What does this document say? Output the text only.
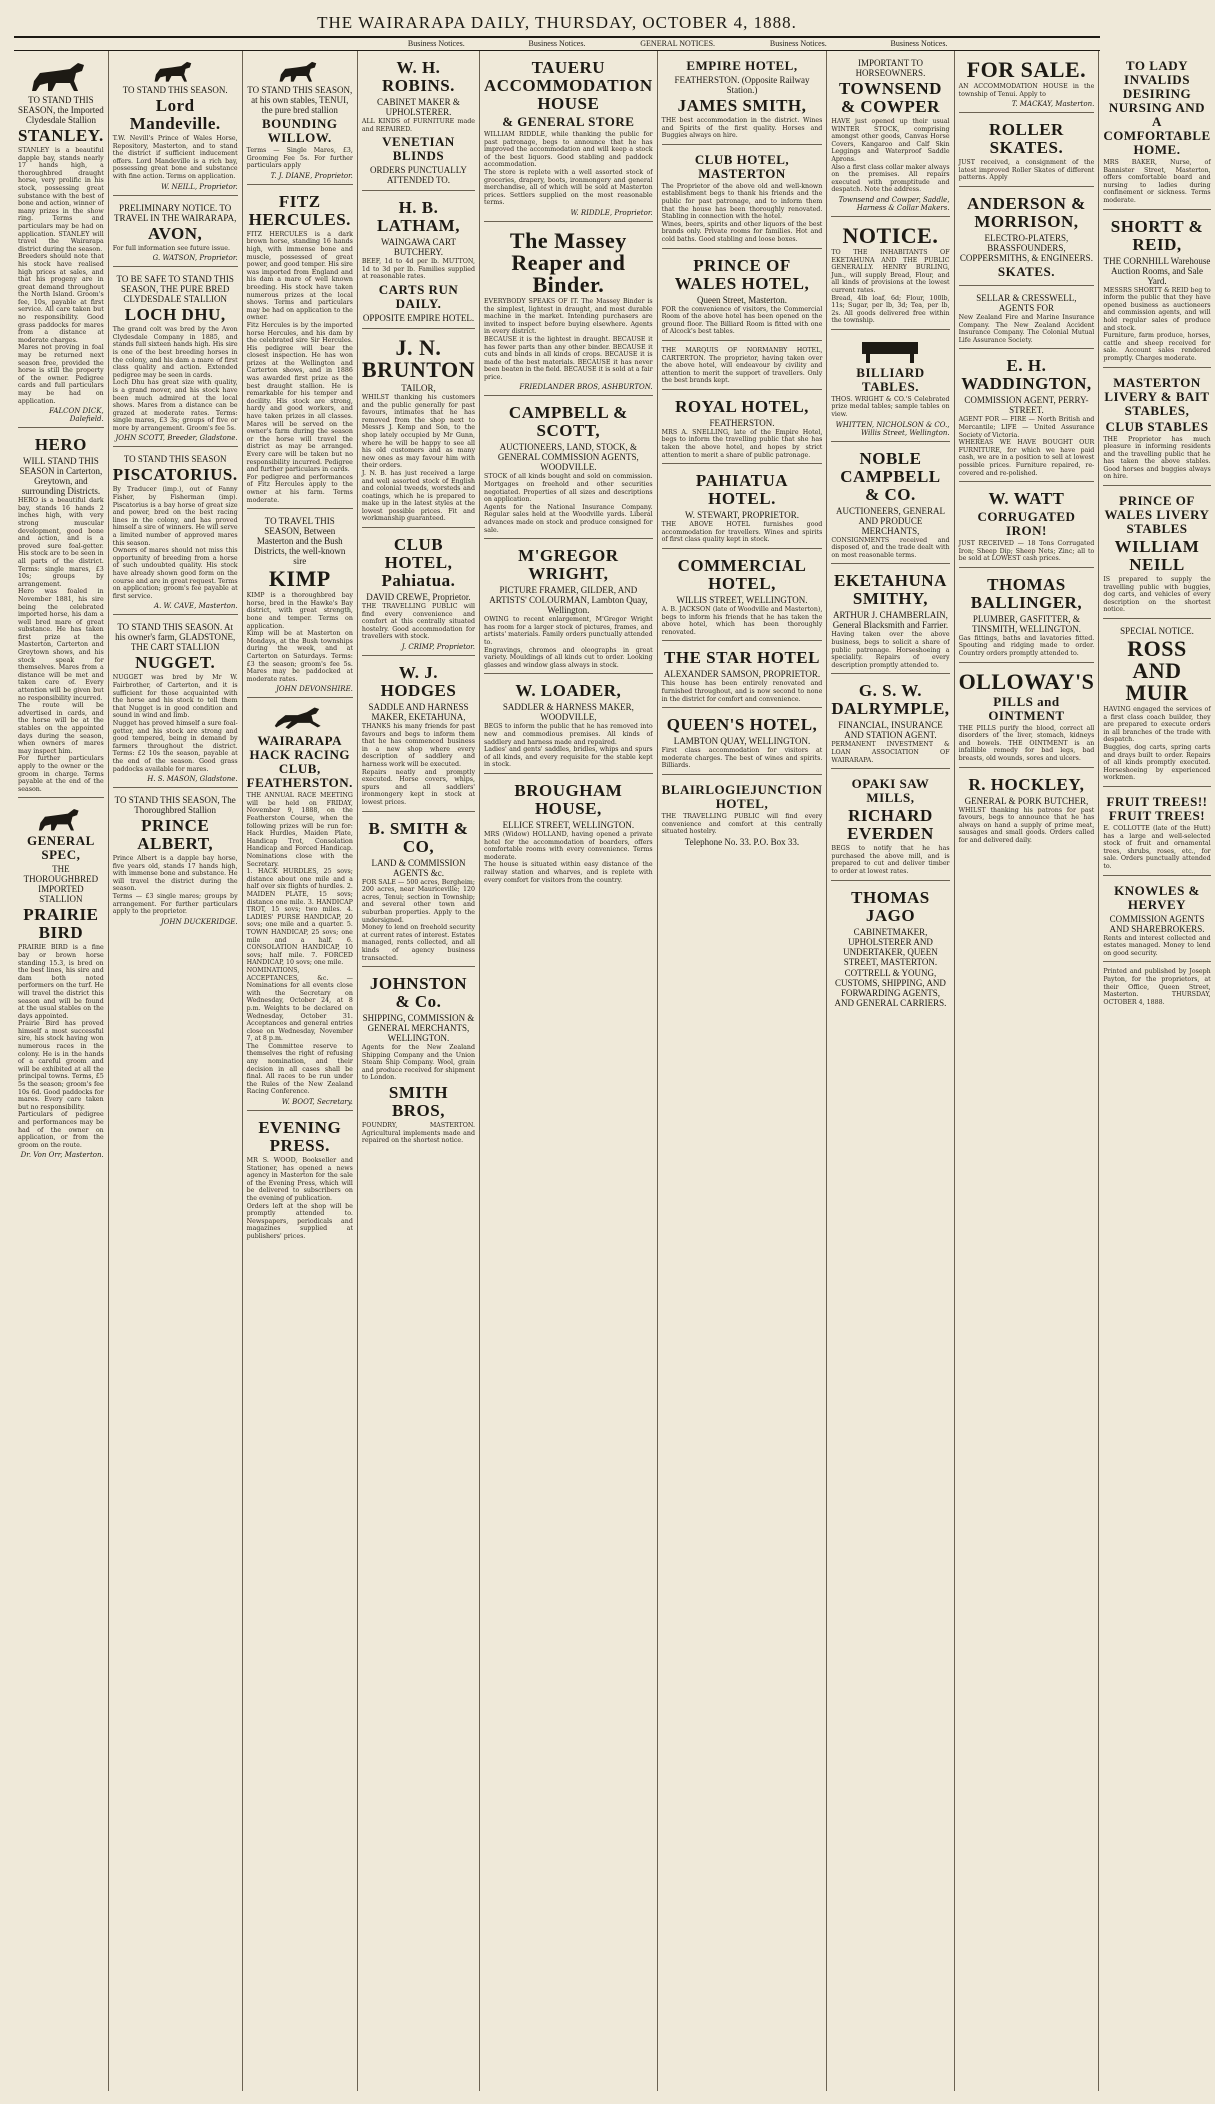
THE WAIRARAPA DAILY, THURSDAY, OCTOBER 4, 1888.
Business Notices.	Business Notices.	GENERAL NOTICES.	Business Notices.	Business Notices.
TO STAND THIS SEASON, the Imported Clydesdale Stallion
STANLEY.

STANLEY is a beautiful dapple bay, stands nearly 17 hands high, a thoroughbred draught horse, very prolific in his stock, possessing great substance with the best of bone and action, winner of many prizes in the show ring. Terms and particulars may be had on application. STANLEY will travel the Wairarapa district during the season.

Breeders should note that his stock have realised high prices at sales, and that his progeny are in great demand throughout the North Island. Groom's fee, 10s, payable at first service. All care taken but no responsibility. Good grass paddocks for mares from a distance at moderate charges.

Mares not proving in foal may be returned next season free, provided the horse is still the property of the owner. Pedigree cards and full particulars may be had on application.

FALCON DICK, Dalefield.
HERO
WILL STAND THIS SEASON in Carterton, Greytown, and surrounding Districts.

HERO is a beautiful dark bay, stands 16 hands 2 inches high, with very strong muscular development, good bone and action, and is a proved sure foal-getter. His stock are to be seen in all parts of the district. Terms: single mares, £3 10s; groups by arrangement.

Hero was foaled in November 1881, his sire being the celebrated imported horse, his dam a well bred mare of great substance. He has taken first prize at the Masterton, Carterton and Greytown shows, and his stock speak for themselves. Mares from a distance will be met and taken care of. Every attention will be given but no responsibility incurred.

The route will be advertised in cards, and the horse will be at the stables on the appointed days during the season, when owners of mares may inspect him.

For further particulars apply to the owner or the groom in charge. Terms payable at the end of the season.

GENERAL SPEC,
THE THOROUGHBRED IMPORTED STALLION
PRAIRIE BIRD

PRAIRIE BIRD is a fine bay or brown horse standing 15.3, is bred on the best lines, his sire and dam both noted performers on the turf. He will travel the district this season and will be found at the usual stables on the days appointed.

Prairie Bird has proved himself a most successful sire, his stock having won numerous races in the colony. He is in the hands of a careful groom and will be exhibited at all the principal towns. Terms, £5 5s the season; groom's fee 10s 6d. Good paddocks for mares. Every care taken but no responsibility.

Particulars of pedigree and performances may be had of the owner on application, or from the groom on the route.

Dr. Von Orr, Masterton.
TO STAND THIS SEASON.
Lord Mandeville.

T.W. Nevill's Prince of Wales Horse, Repository, Masterton, and to stand the district if sufficient inducement offers. Lord Mandeville is a rich bay, possessing great bone and substance with fine action. Terms on application.

W. NEILL, Proprietor.
PRELIMINARY NOTICE. TO TRAVEL IN THE WAIRARAPA,
AVON,

For full information see future issue.

G. WATSON, Proprietor.
TO BE SAFE TO STAND THIS SEASON, THE PURE BRED CLYDESDALE STALLION
LOCH DHU,

The grand colt was bred by the Avon Clydesdale Company in 1885, and stands full sixteen hands high. His sire is one of the best breeding horses in the colony, and his dam a mare of first class quality and action. Extended pedigree may be seen in cards.

Loch Dhu has great size with quality, is a grand mover, and his stock have been much admired at the local shows. Mares from a distance can be grazed at moderate rates. Terms: single mares, £3 3s; groups of five or more by arrangement. Groom's fee 5s.

JOHN SCOTT, Breeder, Gladstone.
TO STAND THIS SEASON
PISCATORIUS.

By Traducer (imp.), out of Fanny Fisher, by Fisherman (imp). Piscatorius is a bay horse of great size and power, bred on the best racing lines in the colony, and has proved himself a sire of winners. He will serve a limited number of approved mares this season.

Owners of mares should not miss this opportunity of breeding from a horse of such undoubted quality. His stock have already shown good form on the course and are in great request. Terms on application; groom's fee payable at first service.

A. W. CAVE, Masterton.
TO STAND THIS SEASON. At his owner's farm, GLADSTONE, THE CART STALLION
NUGGET.

NUGGET was bred by Mr W. Fairbrother, of Carterton, and it is sufficient for those acquainted with the horse and his stock to tell them that Nugget is in good condition and sound in wind and limb.

Nugget has proved himself a sure foal-getter, and his stock are strong and good tempered, being in demand by farmers throughout the district. Terms: £2 10s the season, payable at the end of the season. Good grass paddocks available for mares.

H. S. MASON, Gladstone.
TO STAND THIS SEASON, The Thoroughbred Stallion
PRINCE ALBERT,

Prince Albert is a dapple bay horse, five years old, stands 17 hands high, with immense bone and substance. He will travel the district during the season.

Terms — £3 single mares; groups by arrangement. For further particulars apply to the proprietor.

JOHN DUCKERIDGE.
TO STAND THIS SEASON, at his own stables, TENUI, the pure bred stallion
BOUNDING WILLOW.

Terms — Single Mares, £3, Grooming Fee 5s. For further particulars apply

T. J. DIANE, Proprietor.
FITZ HERCULES.

FITZ HERCULES is a dark brown horse, standing 16 hands high, with immense bone and muscle, possessed of great power, and good temper. His sire was imported from England and his dam a mare of well known breeding. His stock have taken numerous prizes at the local shows. Terms and particulars may be had on application to the owner.

Fitz Hercules is by the imported horse Hercules, and his dam by the celebrated sire Sir Hercules. His pedigree will bear the closest inspection. He has won prizes at the Wellington and Carterton shows, and in 1886 was awarded first prize as the best draught stallion. He is remarkable for his temper and docility. His stock are strong, hardy and good workers, and have taken prizes in all classes. Mares will be served on the owner's farm during the season or the horse will travel the district as may be arranged. Every care will be taken but no responsibility incurred. Pedigree and further particulars in cards.

For pedigree and performances of Fitz Hercules apply to the owner at his farm. Terms moderate.

TO TRAVEL THIS SEASON, Between Masterton and the Bush Districts, the well-known sire
KIMP

KIMP is a thoroughbred bay horse, bred in the Hawke's Bay district, with great strength, bone and temper. Terms on application.

Kimp will be at Masterton on Mondays, at the Bush townships during the week, and at Carterton on Saturdays. Terms: £3 the season; groom's fee 5s. Mares may be paddocked at moderate rates.

JOHN DEVONSHIRE.
WAIRARAPA HACK RACING CLUB, FEATHERSTON.

THE ANNUAL RACE MEETING will be held on FRIDAY, November 9, 1888, on the Featherston Course, when the following prizes will be run for: Hack Hurdles, Maiden Plate, Handicap Trot, Consolation Handicap and Forced Handicap. Nominations close with the Secretary.

1. HACK HURDLES, 25 sovs; distance about one mile and a half over six flights of hurdles. 2. MAIDEN PLATE, 15 sovs; distance one mile. 3. HANDICAP TROT, 15 sovs; two miles. 4. LADIES' PURSE HANDICAP, 20 sovs; one mile and a quarter. 5. TOWN HANDICAP, 25 sovs; one mile and a half. 6. CONSOLATION HANDICAP, 10 sovs; half mile. 7. FORCED HANDICAP, 10 sovs; one mile.

NOMINATIONS, ACCEPTANCES, &c. — Nominations for all events close with the Secretary on Wednesday, October 24, at 8 p.m. Weights to be declared on Wednesday, October 31. Acceptances and general entries close on Wednesday, November 7, at 8 p.m.

The Committee reserve to themselves the right of refusing any nomination, and their decision in all cases shall be final. All races to be run under the Rules of the New Zealand Racing Conference.

W. BOOT, Secretary.
EVENING PRESS.

MR S. WOOD, Bookseller and Stationer, has opened a news agency in Masterton for the sale of the Evening Press, which will be delivered to subscribers on the evening of publication.

Orders left at the shop will be promptly attended to. Newspapers, periodicals and magazines supplied at publishers' prices.

W. H. ROBINS.
CABINET MAKER & UPHOLSTERER.

ALL KINDS of FURNITURE made and REPAIRED.

VENETIAN BLINDS
ORDERS PUNCTUALLY ATTENDED TO.
H. B. LATHAM,
WAINGAWA CART BUTCHERY.

BEEF, 1d to 4d per lb. MUTTON, 1d to 3d per lb. Families supplied at reasonable rates.

CARTS RUN DAILY.
OPPOSITE EMPIRE HOTEL.
J. N. BRUNTON
TAILOR,

WHILST thanking his customers and the public generally for past favours, intimates that he has removed from the shop next to Messrs J. Kemp and Son, to the shop lately occupied by Mr Gunn, where he will be happy to see all his old customers and as many new ones as may favour him with their orders.

J. N. B. has just received a large and well assorted stock of English and colonial tweeds, worsteds and coatings, which he is prepared to make up in the latest styles at the lowest possible prices. Fit and workmanship guaranteed.

CLUB HOTEL, Pahiatua.
DAVID CREWE, Proprietor.

THE TRAVELLING PUBLIC will find every convenience and comfort at this centrally situated hostelry. Good accommodation for travellers with stock.

J. CRIMP, Proprietor.
W. J. HODGES
SADDLE AND HARNESS MAKER, EKETAHUNA,

THANKS his many friends for past favours and begs to inform them that he has commenced business in a new shop where every description of saddlery and harness work will be executed.

Repairs neatly and promptly executed. Horse covers, whips, spurs and all saddlers' ironmongery kept in stock at lowest prices.

B. SMITH & CO,
LAND & COMMISSION AGENTS &c.

FOR SALE — 500 acres, Bergheim; 200 acres, near Mauriceville; 120 acres, Tenui; section in Township; and several other town and suburban properties. Apply to the undersigned.

Money to lend on freehold security at current rates of interest. Estates managed, rents collected, and all kinds of agency business transacted.

JOHNSTON & Co.
SHIPPING, COMMISSION & GENERAL MERCHANTS, WELLINGTON.

Agents for the New Zealand Shipping Company and the Union Steam Ship Company. Wool, grain and produce received for shipment to London.

SMITH BROS,

FOUNDRY, MASTERTON. Agricultural implements made and repaired on the shortest notice.

TAUERU ACCOMMODATION HOUSE
& GENERAL STORE

WILLIAM RIDDLE, while thanking the public for past patronage, begs to announce that he has improved the accommodation and will keep a stock of the best liquors. Good stabling and paddock accommodation.

The store is replete with a well assorted stock of groceries, drapery, boots, ironmongery and general merchandise, all of which will be sold at Masterton prices. Settlers supplied on the most reasonable terms.

W. RIDDLE, Proprietor.
The Massey Reaper and Binder.

EVERYBODY SPEAKS OF IT. The Massey Binder is the simplest, lightest in draught, and most durable machine in the market. Intending purchasers are invited to inspect before buying elsewhere. Agents in every district.

BECAUSE it is the lightest in draught. BECAUSE it has fewer parts than any other binder. BECAUSE it cuts and binds in all kinds of crops. BECAUSE it is made of the best materials. BECAUSE it has never been beaten in the field. BECAUSE it is sold at a fair price.

FRIEDLANDER BROS, ASHBURTON.
CAMPBELL & SCOTT,
AUCTIONEERS, LAND, STOCK, & GENERAL COMMISSION AGENTS, WOODVILLE.

STOCK of all kinds bought and sold on commission. Mortgages on freehold and other securities negotiated. Properties of all sizes and descriptions on application.

Agents for the National Insurance Company. Regular sales held at the Woodville yards. Liberal advances made on stock and produce consigned for sale.

M'GREGOR WRIGHT,
PICTURE FRAMER, GILDER, AND ARTISTS' COLOURMAN, Lambton Quay, Wellington.

OWING to recent enlargement, M'Gregor Wright has room for a larger stock of pictures, frames, and artists' materials. Family orders punctually attended to.

Engravings, chromos and oleographs in great variety. Mouldings of all kinds cut to order. Looking glasses and window glass always in stock.

W. LOADER,
SADDLER & HARNESS MAKER, WOODVILLE,

BEGS to inform the public that he has removed into new and commodious premises. All kinds of saddlery and harness made and repaired.

Ladies' and gents' saddles, bridles, whips and spurs of all kinds, and every requisite for the stable kept in stock.

BROUGHAM HOUSE,
ELLICE STREET, WELLINGTON.

MRS (Widow) HOLLAND, having opened a private hotel for the accommodation of boarders, offers comfortable rooms with every convenience. Terms moderate.

The house is situated within easy distance of the railway station and wharves, and is replete with every comfort for visitors from the country.

EMPIRE HOTEL,
FEATHERSTON. (Opposite Railway Station.)
JAMES SMITH,

THE best accommodation in the district. Wines and Spirits of the first quality. Horses and Buggies always on hire.

CLUB HOTEL, MASTERTON

The Proprietor of the above old and well-known establishment begs to thank his friends and the public for past patronage, and to inform them that the house has been thoroughly renovated. Stabling in connection with the hotel.

Wines, beers, spirits and other liquors of the best brands only. Private rooms for families. Hot and cold baths. Good stabling and loose boxes.

PRINCE OF WALES HOTEL,
Queen Street, Masterton.

FOR the convenience of visitors, the Commercial Room of the above hotel has been opened on the ground floor. The Billiard Room is fitted with one of Alcock's best tables.

THE MARQUIS OF NORMANBY HOTEL, CARTERTON. The proprietor, having taken over the above hotel, will endeavour by civility and attention to merit the support of travellers. Only the best brands kept.

ROYAL HOTEL,
FEATHERSTON.

MRS A. SNELLING, late of the Empire Hotel, begs to inform the travelling public that she has taken the above hotel, and hopes by strict attention to merit a share of public patronage.

PAHIATUA HOTEL.
W. STEWART, PROPRIETOR.

THE ABOVE HOTEL furnishes good accommodation for travellers. Wines and spirits of first class quality kept in stock.

COMMERCIAL HOTEL,
WILLIS STREET, WELLINGTON.

A. B. JACKSON (late of Woodville and Masterton), begs to inform his friends that he has taken the above hotel, which has been thoroughly renovated.

THE STAR HOTEL
ALEXANDER SAMSON, PROPRIETOR.

This house has been entirely renovated and furnished throughout, and is now second to none in the district for comfort and convenience.

QUEEN'S HOTEL,
LAMBTON QUAY, WELLINGTON.

First class accommodation for visitors at moderate charges. The best of wines and spirits. Billiards.

BLAIRLOGIEJUNCTION HOTEL,

THE TRAVELLING PUBLIC will find every convenience and comfort at this centrally situated hostelry.

Telephone No. 33. P.O. Box 33.
IMPORTANT TO HORSEOWNERS.
TOWNSEND & COWPER

HAVE just opened up their usual WINTER STOCK, comprising amongst other goods, Canvas Horse Covers, Kangaroo and Calf Skin Leggings and Waterproof Saddle Aprons.

Also a first class collar maker always on the premises. All repairs executed with promptitude and despatch. Note the address.

Townsend and Cowper, Saddle, Harness & Collar Makers.
NOTICE.

TO THE INHABITANTS OF EKETAHUNA AND THE PUBLIC GENERALLY. HENRY BURLING, Jun., will supply Bread, Flour, and all kinds of provisions at the lowest current rates.

Bread, 4lb loaf, 6d; Flour, 100lb, 11s; Sugar, per lb, 3d; Tea, per lb, 2s. All goods delivered free within the township.

BILLIARD TABLES.

THOS. WRIGHT & CO.'S Celebrated prize medal tables; sample tables on view.

WHITTEN, NICHOLSON & CO., Willis Street, Wellington.
NOBLE CAMPBELL & CO.
AUCTIONEERS, GENERAL AND PRODUCE MERCHANTS,

CONSIGNMENTS received and disposed of, and the trade dealt with on most reasonable terms.

EKETAHUNA SMITHY,
ARTHUR J. CHAMBERLAIN, General Blacksmith and Farrier.

Having taken over the above business, begs to solicit a share of public patronage. Horseshoeing a speciality. Repairs of every description promptly attended to.

G. S. W. DALRYMPLE,
FINANCIAL, INSURANCE AND STATION AGENT.

PERMANENT INVESTMENT & LOAN ASSOCIATION OF WAIRARAPA.

OPAKI SAW MILLS,
RICHARD EVERDEN

BEGS to notify that he has purchased the above mill, and is prepared to cut and deliver timber to order at lowest rates.

THOMAS JAGO
CABINETMAKER, UPHOLSTERER AND UNDERTAKER, QUEEN STREET, MASTERTON.
COTTRELL & YOUNG, CUSTOMS, SHIPPING, AND FORWARDING AGENTS, AND GENERAL CARRIERS.
FOR SALE.

AN ACCOMMODATION HOUSE in the township of Tenui. Apply to

T. MACKAY, Masterton.
ROLLER SKATES.

JUST received, a consignment of the latest improved Roller Skates of different patterns. Apply

ANDERSON & MORRISON,
ELECTRO-PLATERS, BRASSFOUNDERS, COPPERSMITHS, & ENGINEERS.
SKATES.
SELLAR & CRESSWELL, AGENTS FOR

New Zealand Fire and Marine Insurance Company. The New Zealand Accident Insurance Company. The Colonial Mutual Life Assurance Society.

E. H. WADDINGTON,
COMMISSION AGENT, PERRY-STREET.

AGENT FOR — FIRE — North British and Mercantile; LIFE — United Assurance Society of Victoria.

WHEREAS WE HAVE BOUGHT OUR FURNITURE, for which we have paid cash, we are in a position to sell at lowest possible prices. Furniture repaired, re-covered and re-polished.

W. WATT
CORRUGATED IRON!

JUST RECEIVED — 18 Tons Corrugated Iron; Sheep Dip; Sheep Nets; Zinc; all to be sold at LOWEST cash prices.

THOMAS BALLINGER,
PLUMBER, GASFITTER, & TINSMITH, WELLINGTON.

Gas fittings, baths and lavatories fitted. Spouting and ridging made to order. Country orders promptly attended to.

OLLOWAY'S
PILLS and OINTMENT

THE PILLS purify the blood, correct all disorders of the liver, stomach, kidneys and bowels. THE OINTMENT is an infallible remedy for bad legs, bad breasts, old wounds, sores and ulcers.

R. HOCKLEY,
GENERAL & PORK BUTCHER,

WHILST thanking his patrons for past favours, begs to announce that he has always on hand a supply of prime meat, sausages and small goods. Orders called for and delivered daily.

TO LADY INVALIDS DESIRING NURSING AND A COMFORTABLE HOME.

MRS BAKER, Nurse, of Bannister Street, Masterton, offers comfortable board and nursing to ladies during confinement or sickness. Terms moderate.

SHORTT & REID,
THE CORNHILL Warehouse Auction Rooms, and Sale Yard.

MESSRS SHORTT & REID beg to inform the public that they have opened business as auctioneers and commission agents, and will hold regular sales of produce and stock.

Furniture, farm produce, horses, cattle and sheep received for sale. Account sales rendered promptly. Charges moderate.

MASTERTON LIVERY & BAIT STABLES,
CLUB STABLES

THE Proprietor has much pleasure in informing residents and the travelling public that he has taken the above stables. Good horses and buggies always on hire.

PRINCE OF WALES LIVERY STABLES
WILLIAM NEILL

IS prepared to supply the travelling public with buggies, dog carts, and vehicles of every description on the shortest notice.

SPECIAL NOTICE.
ROSS AND MUIR

HAVING engaged the services of a first class coach builder, they are prepared to execute orders in all branches of the trade with despatch.

Buggies, dog carts, spring carts and drays built to order. Repairs of all kinds promptly executed. Horseshoeing by experienced workmen.

FRUIT TREES!! FRUIT TREES!

E. COLLOTTE (late of the Hutt) has a large and well-selected stock of fruit and ornamental trees, shrubs, roses, etc., for sale. Orders punctually attended to.

KNOWLES & HERVEY
COMMISSION AGENTS AND SHAREBROKERS.

Rents and interest collected and estates managed. Money to lend on good security.

Printed and published by Joseph Payton, for the proprietors, at their Office, Queen Street, Masterton. THURSDAY, OCTOBER 4, 1888.
